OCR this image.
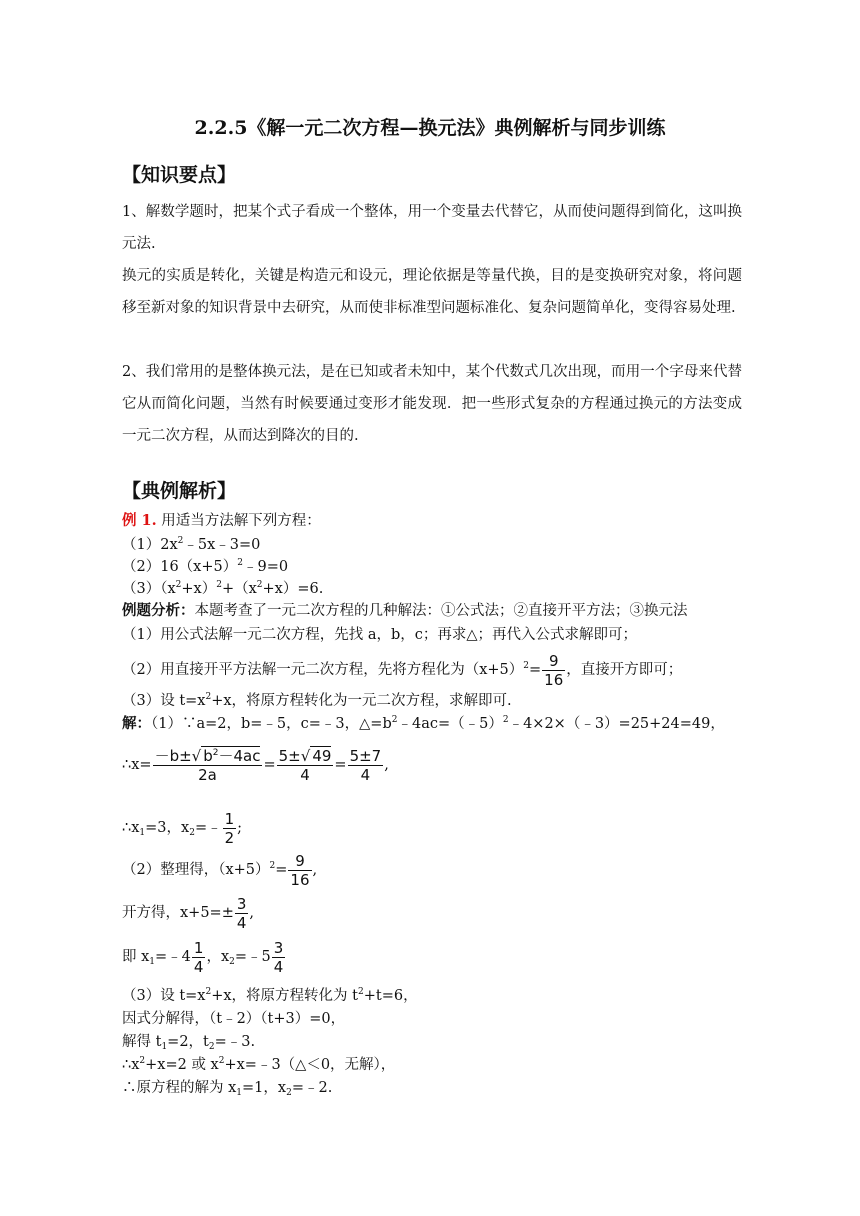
2.2.5《解一元二次方程—换元法》典例解析与同步训练
【知识要点】
1、解数学题时，把某个式子看成一个整体，用一个变量去代替它，从而使问题得到简化，这叫换元法.
换元的实质是转化，关键是构造元和设元，理论依据是等量代换，目的是变换研究对象，将问题移至新对象的知识背景中去研究，从而使非标准型问题标准化、复杂问题简单化，变得容易处理.
2、我们常用的是整体换元法，是在已知或者未知中，某个代数式几次出现，而用一个字母来代替它从而简化问题，当然有时候要通过变形才能发现．把一些形式复杂的方程通过换元的方法变成一元二次方程，从而达到降次的目的.
【典例解析】
例 1. 用适当方法解下列方程：
$(1)2x^2﹣5x﹣3=0$
$(2)16(x+5)^2﹣9=0$
$(3)(x^2+x)^2+(x^2+x)=6$.
例题分析：本题考查了一元二次方程的几种解法：①公式法；②直接开平方法；③换元法
（1）用公式法解一元二次方程，先找 a，b，c；再求△；再代入公式求解即可；
（2）用直接开平方法解一元二次方程，先将方程化为$(x+5)^2= \frac{9}{16}$ ，直接开方即可；
（3）设 $t=x^2+x$，将原方程转化为一元二次方程，求解即可.
解：（1）∵a=2，b=﹣5，c=﹣3，$\triangle=b^2﹣4ac=(﹣5)^2﹣4\times 2\times(﹣3)=25+24=49$，
∴x= $\frac{-b\pm√ b^2-4ac}{2a} = \frac{5\pm√ 49}{4} = \frac{5\pm 7}{4}$ ,
$\therefore x_1=3$，$x_2=﹣ \frac{1}{2}$ ;
（2）整理得，$(x+5)^2= \frac{9}{16}$ ,
开方得，$x+5=\pm \frac{3}{4}$ ,
即 $x_1=﹣4 \frac{1}{4}$ ，$x_2=﹣5 \frac{3}{4}$
（3）设 $t=x^2+x$，将原方程转化为 $t^2+t=6$，
因式分解得，（t﹣2）（t+3）=0，
解得 $t_1=2$，$t_2=﹣3$.
$\therefore x^2+x=2$ 或 $x^2+x=﹣3(\triangle<0$，无解），
∴原方程的解为 $x_1=1$，$x_2=﹣2$.
